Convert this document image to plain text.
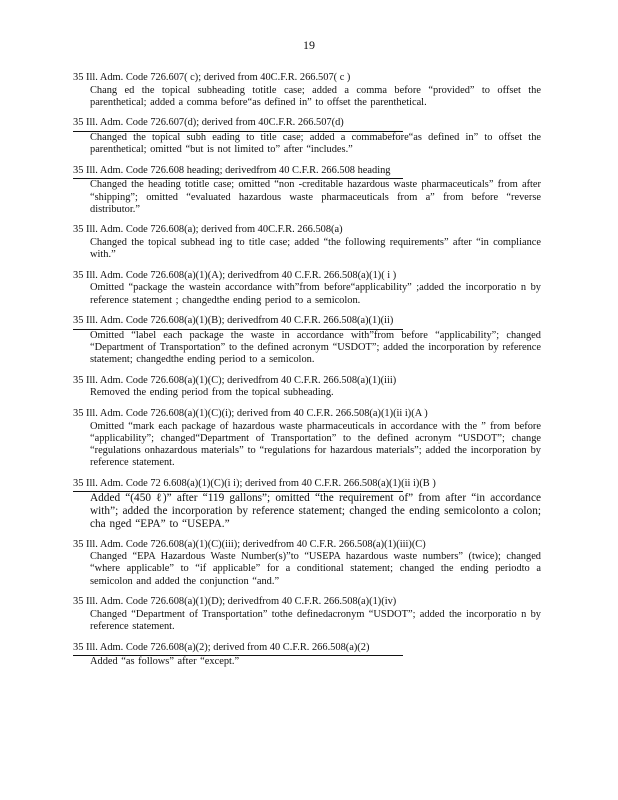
19
35 Ill. Adm. Code 726.607( c); derived from 40C.F.R. 266.507( c )
Chang ed the topical subheading totitle case; added a comma before “provided” to offset the parenthetical; added a comma before“as defined in” to offset the parenthetical.
35 Ill. Adm. Code 726.607(d); derived from 40C.F.R. 266.507(d)
Changed the topical subh eading to title case; added a commabefore“as defined in” to offset the parenthetical; omitted “but is not limited to” after “includes.”
35 Ill. Adm. Code 726.608 heading; derivedfrom 40 C.F.R. 266.508 heading
Changed the heading totitle case; omitted “non -creditable hazardous waste pharmaceuticals” from after “shipping”; omitted “evaluated hazardous waste pharmaceuticals from a” from before “reverse distributor.”
35 Ill. Adm. Code 726.608(a); derived from 40C.F.R. 266.508(a)
Changed the topical subhead ing to title case; added “the following requirements” after “in compliance with.”
35 Ill. Adm. Code 726.608(a)(1)(A); derivedfrom 40 C.F.R. 266.508(a)(1)( i )
Omitted “package the wastein accordance with”from before“applicability” ;added the incorporatio n by reference statement ; changedthe ending period to a semicolon.
35 Ill. Adm. Code 726.608(a)(1)(B); derivedfrom 40 C.F.R. 266.508(a)(1)(ii)
Omitted “label each package the waste in accordance with”from before “applicability”; changed “Department of Transportation” to the defined acronym “USDOT”; added the incorporation by reference statement; changedthe ending period to a semicolon.
35 Ill. Adm. Code 726.608(a)(1)(C); derivedfrom 40 C.F.R. 266.508(a)(1)(iii)
Removed the ending period from the topical subheading.
35 Ill. Adm. Code 726.608(a)(1)(C)(i); derived from 40 C.F.R. 266.508(a)(1)(ii i)(A )
Omitted “mark each package of hazardous waste pharmaceuticals in accordance with the ” from before “applicability”; changed“Department of Transportation” to the defined acronym “USDOT”; change “regulations onhazardous materials” to “regulations for hazardous materials”; added the incorporation by reference statement.
35 Ill. Adm. Code 72 6.608(a)(1)(C)(i i); derived from 40 C.F.R. 266.508(a)(1)(ii i)(B )
Added “(450 ℓ)” after “119 gallons”; omitted “the requirement of” from after “in accordance with”; added the incorporation by reference statement; changed the ending semicolonto a colon; cha nged “EPA” to “USEPA.”
35 Ill. Adm. Code 726.608(a)(1)(C)(iii); derivedfrom 40 C.F.R. 266.508(a)(1)(iii)(C)
Changed “EPA Hazardous Waste Number(s)”to “USEPA hazardous waste numbers” (twice); changed “where applicable” to “if applicable” for a conditional statement; changed the ending periodto a semicolon and added the conjunction “and.”
35 Ill. Adm. Code 726.608(a)(1)(D); derivedfrom 40 C.F.R. 266.508(a)(1)(iv)
Changed “Department of Transportation” tothe definedacronym “USDOT”; added the incorporatio n by reference statement.
35 Ill. Adm. Code 726.608(a)(2); derived from 40 C.F.R. 266.508(a)(2)
Added “as follows” after “except.”
